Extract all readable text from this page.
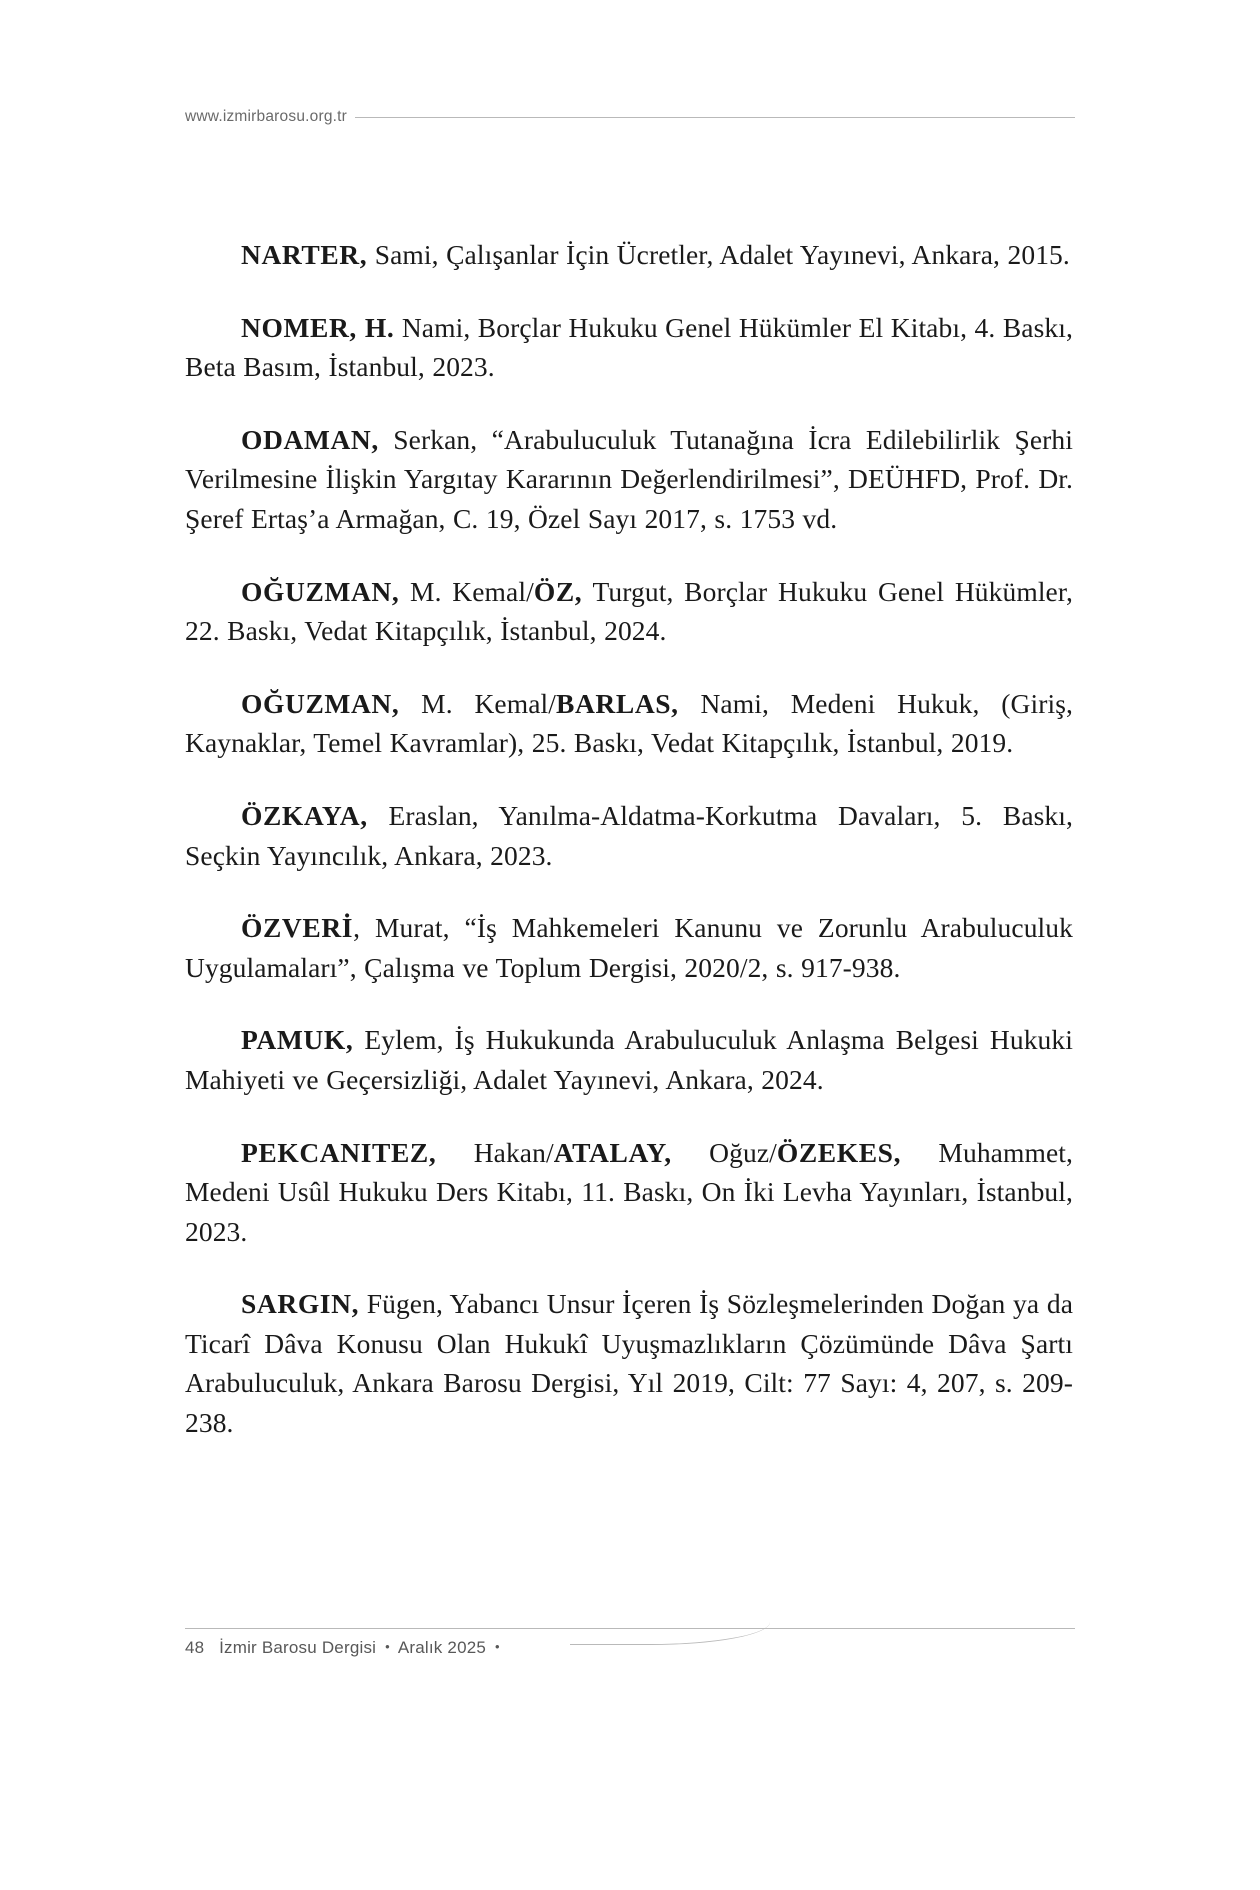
www.izmirbarosu.org.tr

NARTER, Sami, Çalışanlar İçin Ücretler, Adalet Yayınevi, Ankara, 2015.

NOMER, H. Nami, Borçlar Hukuku Genel Hükümler El Kitabı, 4. Baskı, Beta Basım, İstanbul, 2023.

ODAMAN, Serkan, “Arabuluculuk Tutanağına İcra Edilebilirlik Şerhi Verilmesine İlişkin Yargıtay Kararının Değerlendirilmesi”, DEÜHFD, Prof. Dr. Şeref Ertaş’a Armağan, C. 19, Özel Sayı 2017, s. 1753 vd.

OĞUZMAN, M. Kemal/ÖZ, Turgut, Borçlar Hukuku Genel Hükümler, 22. Baskı, Vedat Kitapçılık, İstanbul, 2024.

OĞUZMAN, M. Kemal/BARLAS, Nami, Medeni Hukuk, (Giriş, Kaynaklar, Temel Kavramlar), 25. Baskı, Vedat Kitapçılık, İstanbul, 2019.

ÖZKAYA, Eraslan, Yanılma-Aldatma-Korkutma Davaları, 5. Baskı, Seçkin Yayıncılık, Ankara, 2023.

ÖZVERİ, Murat, “İş Mahkemeleri Kanunu ve Zorunlu Arabuluculuk Uygulamaları”, Çalışma ve Toplum Dergisi, 2020/2, s. 917-938.

PAMUK, Eylem, İş Hukukunda Arabuluculuk Anlaşma Belgesi Hukuki Mahiyeti ve Geçersizliği, Adalet Yayınevi, Ankara, 2024.

PEKCANITEZ, Hakan/ATALAY, Oğuz/ÖZEKES, Muhammet, Medeni Usûl Hukuku Ders Kitabı, 11. Baskı, On İki Levha Yayınları, İstanbul, 2023.

SARGIN, Fügen, Yabancı Unsur İçeren İş Sözleşmelerinden Doğan ya da Ticarî Dâva Konusu Olan Hukukî Uyuşmazlıkların Çözümünde Dâva Şartı Arabuluculuk, Ankara Barosu Dergisi, Yıl 2019, Cilt: 77 Sayı: 4, 207, s. 209-238.

48 İzmir Barosu Dergisi • Aralık 2025 •
